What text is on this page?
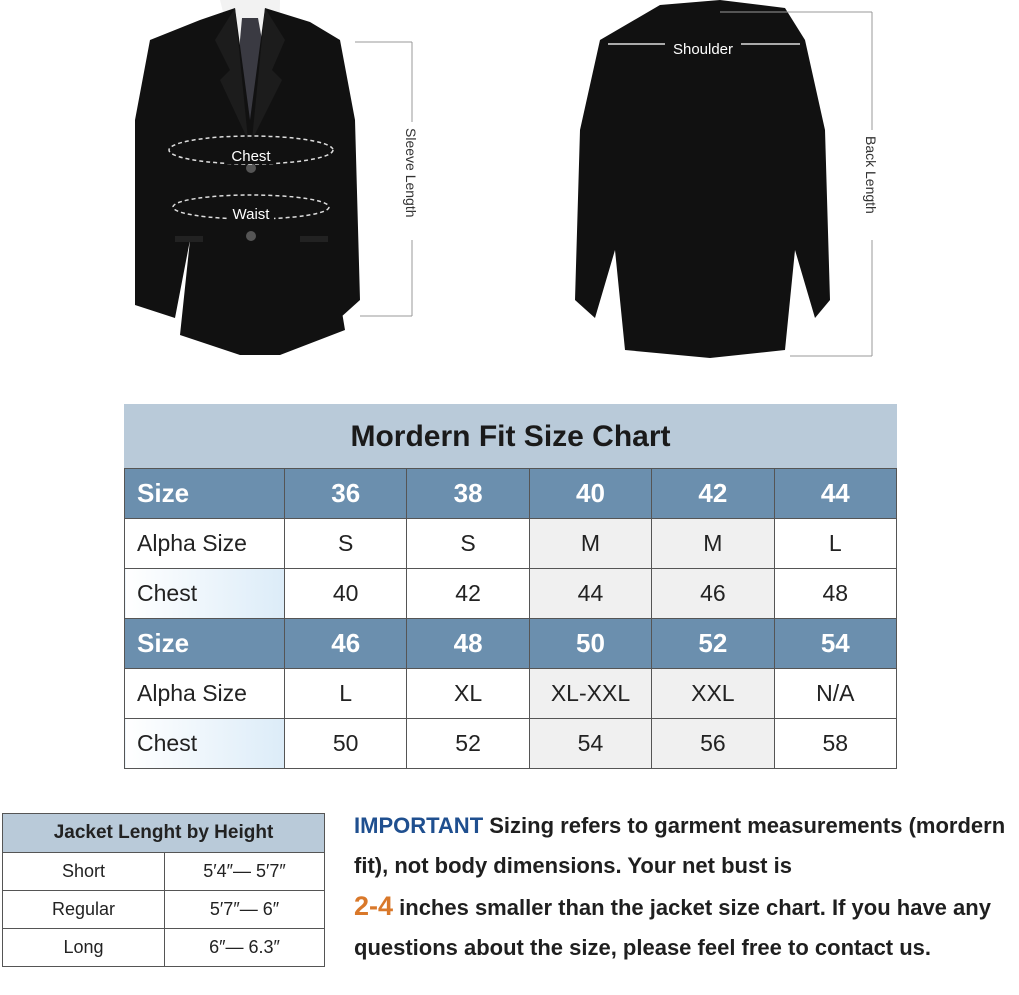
Chest
Waist	Sleeve Length
Shoulder
Back Length
Mordern Fit Size Chart
Size	36	38	40	42	44
Alpha Size	S	S	M	M	L
Chest	40	42	44	46	48
Size	46	48	50	52	54
Alpha Size	L	XL	XL-XXL	XXL	N/A
Chest	50	52	54	56	58
Jacket Lenght by Height	
Short	5′4″— 5′7″
Regular	5′7″— 6″
Long	6″— 6.3″
IMPORTANT Sizing refers to garment measurements (mordern fit), not body dimensions. Your net bust is
2-4 inches smaller than the jacket size chart. If you have any questions about the size, please feel free to contact us.
